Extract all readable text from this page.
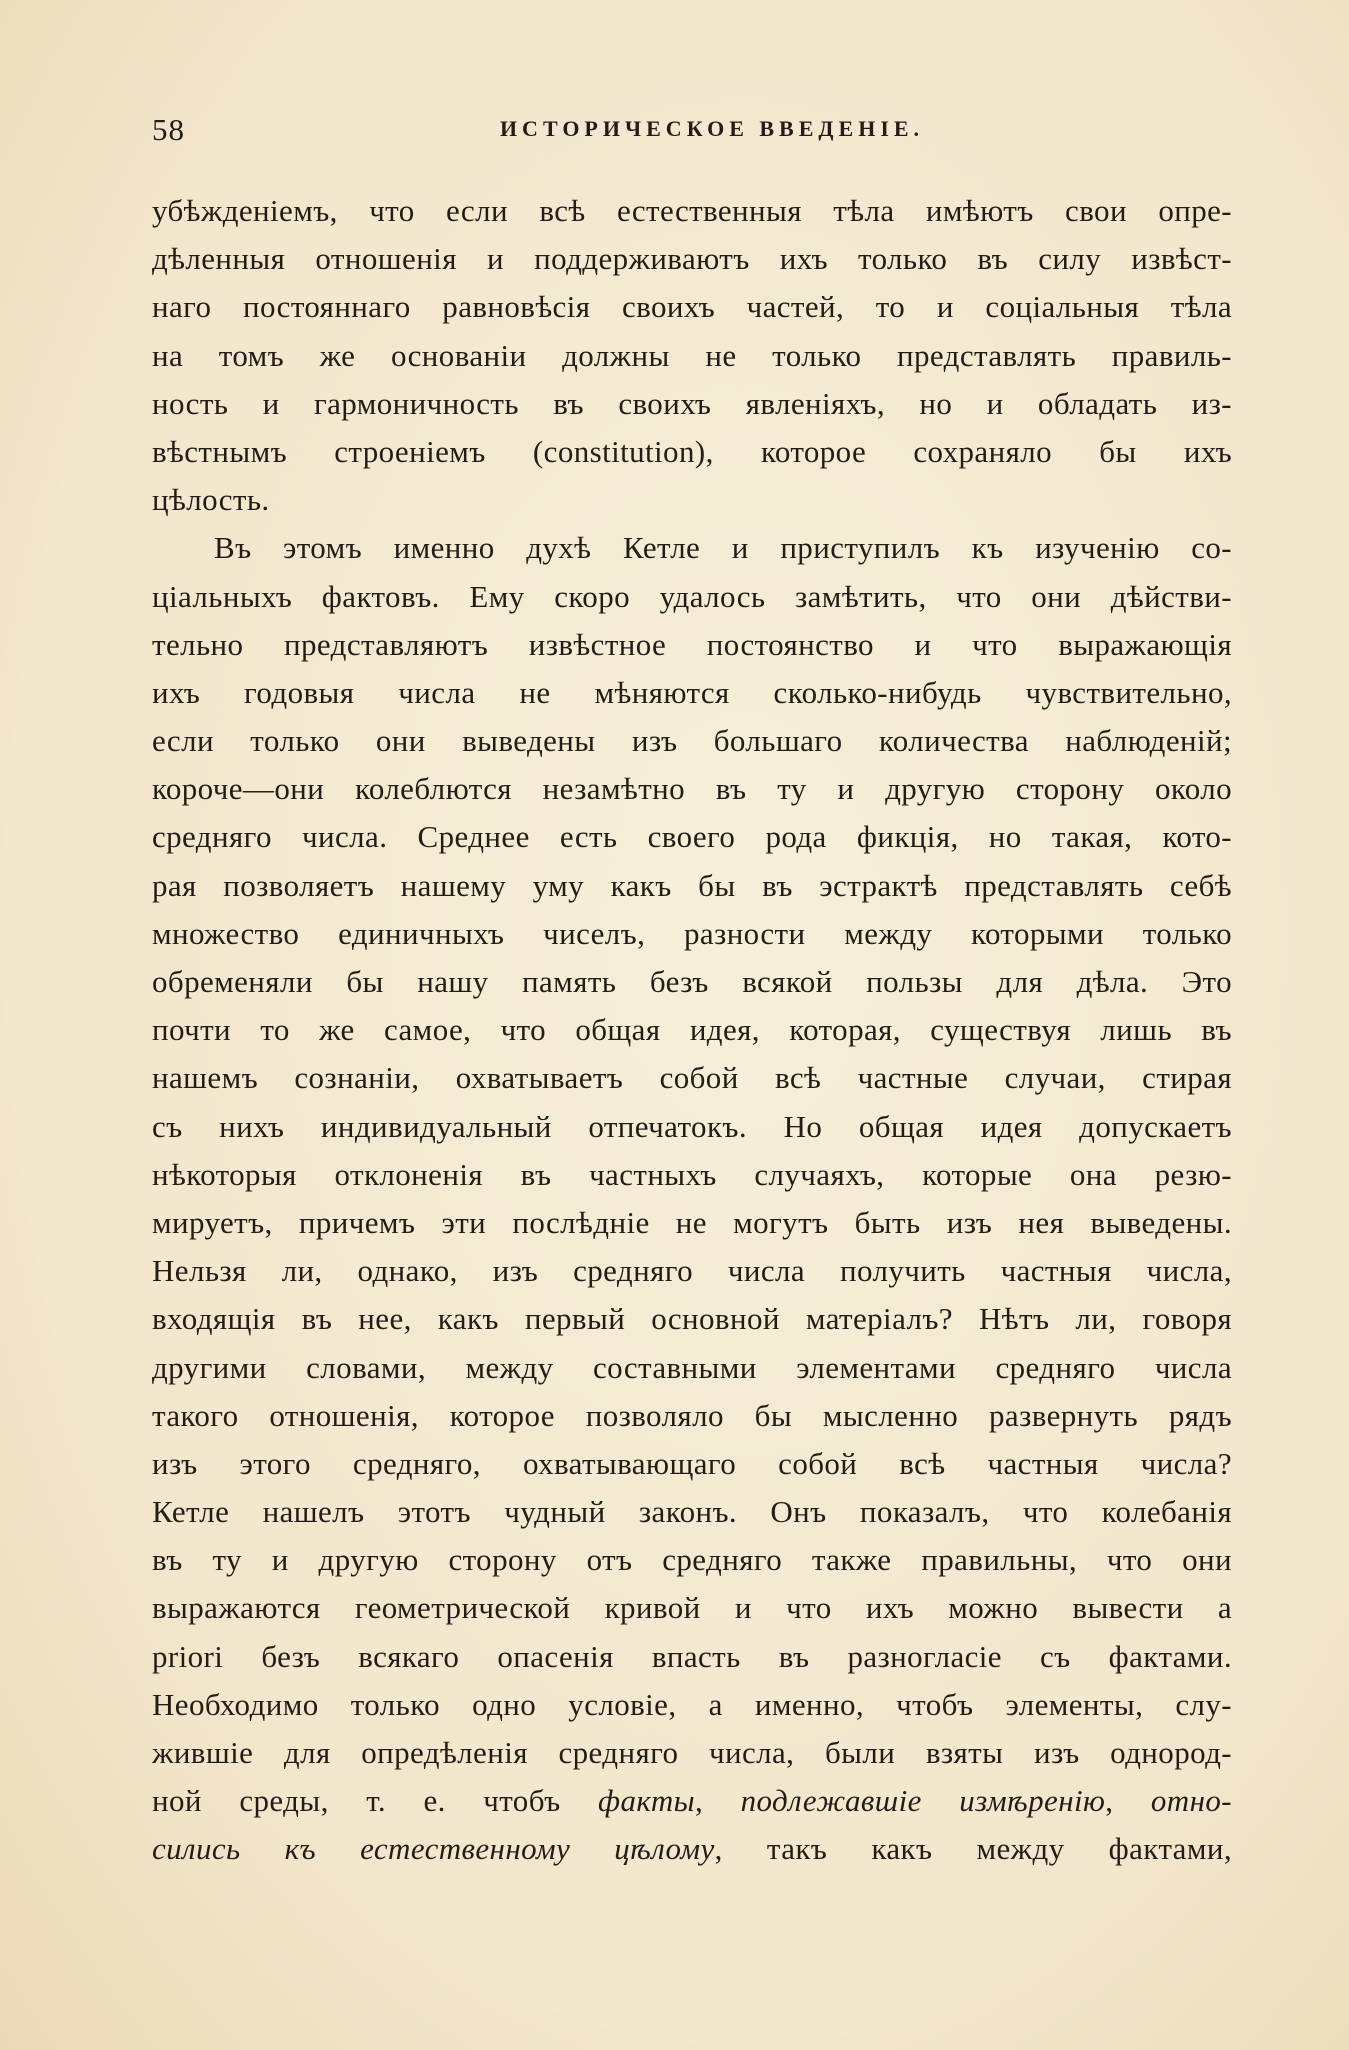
58	ИСТОРИЧЕСКОЕ ВВЕДЕНІЕ.
убѣжденіемъ, что если всѣ естественныя тѣла имѣютъ свои опре-
дѣленныя отношенія и поддерживаютъ ихъ только въ силу извѣст-
наго постояннаго равновѣсія своихъ частей, то и соціальныя тѣла
на томъ же основаніи должны не только представлять правиль-
ность и гармоничность въ своихъ явленіяхъ, но и обладать из-
вѣстнымъ строеніемъ (constitution), которое сохраняло бы ихъ
цѣлость.
Въ этомъ именно духѣ Кетле и приступилъ къ изученію со-
ціальныхъ фактовъ. Ему скоро удалось замѣтить, что они дѣйстви-
тельно представляютъ извѣстное постоянство и что выражающія
ихъ годовыя числа не мѣняются сколько-нибудь чувствительно,
если только они выведены изъ большаго количества наблюденій;
короче—они колеблются незамѣтно въ ту и другую сторону около
средняго числа. Среднее есть своего рода фикція, но такая, кото-
рая позволяетъ нашему уму какъ бы въ эстрактѣ представлять себѣ
множество единичныхъ чиселъ, разности между которыми только
обременяли бы нашу память безъ всякой пользы для дѣла. Это
почти то же самое, что общая идея, которая, существуя лишь въ
нашемъ сознаніи, охватываетъ собой всѣ частные случаи, стирая
съ нихъ индивидуальный отпечатокъ. Но общая идея допускаетъ
нѣкоторыя отклоненія въ частныхъ случаяхъ, которые она резю-
мируетъ, причемъ эти послѣдніе не могутъ быть изъ нея выведены.
Нельзя ли, однако, изъ средняго числа получить частныя числа,
входящія въ нее, какъ первый основной матеріалъ? Нѣтъ ли, говоря
другими словами, между составными элементами средняго числа
такого отношенія, которое позволяло бы мысленно развернуть рядъ
изъ этого средняго, охватывающаго собой всѣ частныя числа?
Кетле нашелъ этотъ чудный законъ. Онъ показалъ, что колебанія
въ ту и другую сторону отъ средняго также правильны, что они
выражаются геометрической кривой и что ихъ можно вывести а
priori безъ всякаго опасенія впасть въ разногласіе съ фактами.
Необходимо только одно условіе, а именно, чтобъ элементы, слу-
жившіе для опредѣленія средняго числа, были взяты изъ однород-
ной среды, т. е. чтобъ факты, подлежавшіе измѣренію, отно-
сились къ естественному цѣлому, такъ какъ между фактами,
